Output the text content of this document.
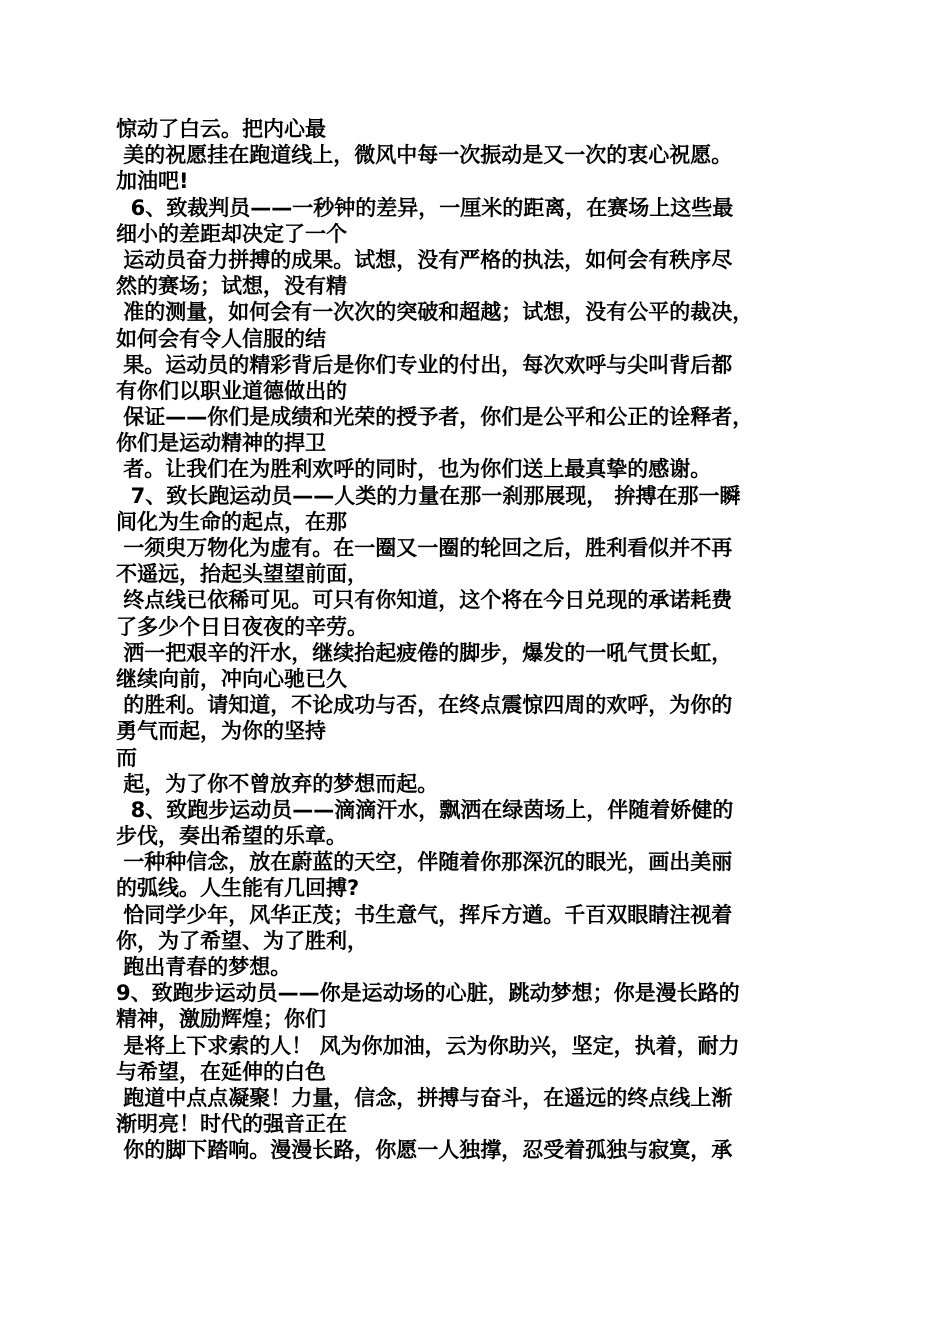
惊动了白云。把内心最

美的祝愿挂在跑道线上，微风中每一次振动是又一次的衷心祝愿。

加油吧!

6、致裁判员——一秒钟的差异，一厘米的距离，在赛场上这些最

细小的差距却决定了一个

运动员奋力拼搏的成果。试想，没有严格的执法，如何会有秩序尽

然的赛场；试想，没有精

准的测量，如何会有一次次的突破和超越；试想，没有公平的裁决，

如何会有令人信服的结

果。运动员的精彩背后是你们专业的付出，每次欢呼与尖叫背后都

有你们以职业道德做出的

保证——你们是成绩和光荣的授予者，你们是公平和公正的诠释者，

你们是运动精神的捍卫

者。让我们在为胜利欢呼的同时，也为你们送上最真挚的感谢。

7、致长跑运动员——人类的力量在那一刹那展现， 拚搏在那一瞬

间化为生命的起点，在那

一须臾万物化为虚有。在一圈又一圈的轮回之后，胜利看似并不再

不遥远，抬起头望望前面，

终点线已依稀可见。可只有你知道，这个将在今日兑现的承诺耗费

了多少个日日夜夜的辛劳。

洒一把艰辛的汗水，继续抬起疲倦的脚步，爆发的一吼气贯长虹，

继续向前，冲向心驰已久

的胜利。请知道，不论成功与否，在终点震惊四周的欢呼，为你的

勇气而起，为你的坚持

而

起，为了你不曾放弃的梦想而起。

8、致跑步运动员——滴滴汗水，飘洒在绿茵场上，伴随着娇健的

步伐，奏出希望的乐章。

一种种信念，放在蔚蓝的天空，伴随着你那深沉的眼光，画出美丽

的弧线。人生能有几回搏?

恰同学少年，风华正茂；书生意气，挥斥方遒。千百双眼睛注视着

你，为了希望、为了胜利，

跑出青春的梦想。

9、致跑步运动员——你是运动场的心脏，跳动梦想；你是漫长路的

精神，激励辉煌；你们

是将上下求索的人！ 风为你加油，云为你助兴，坚定，执着，耐力

与希望，在延伸的白色

跑道中点点凝聚！力量，信念，拼搏与奋斗，在遥远的终点线上渐

渐明亮！时代的强音正在

你的脚下踏响。漫漫长路，你愿一人独撑，忍受着孤独与寂寞，承
